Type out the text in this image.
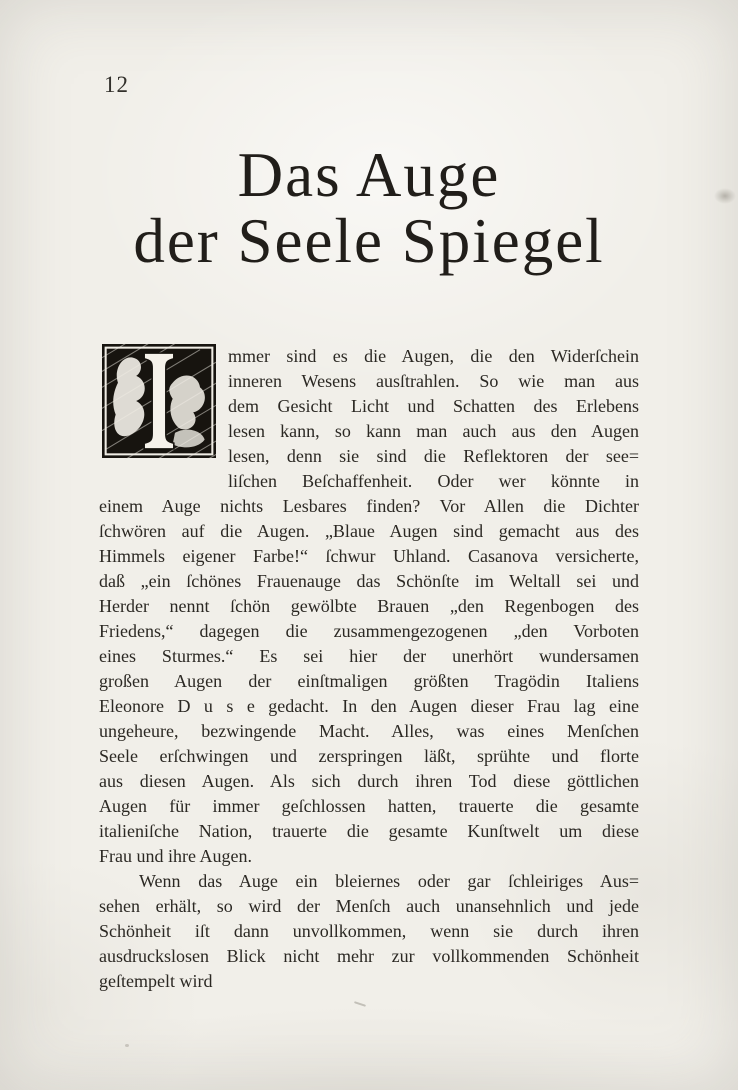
12
Das Auge
der Seele Spiegel
mmer sind es die Augen, die den Widerſchein
inneren Wesens ausſtrahlen. So wie man aus
dem Gesicht Licht und Schatten des Erlebens
lesen kann, so kann man auch aus den Augen
lesen, denn sie sind die Reflektoren der see=
liſchen Beſchaffenheit. Oder wer könnte in
einem Auge nichts Lesbares finden? Vor Allen die Dichter
ſchwören auf die Augen. „Blaue Augen sind gemacht aus des
Himmels eigener Farbe!“ ſchwur Uhland. Casanova versicherte,
daß „ein ſchönes Frauenauge das Schönſte im Weltall sei und
Herder nennt ſchön gewölbte Brauen „den Regenbogen des
Friedens,“ dagegen die zusammengezogenen „den Vorboten
eines Sturmes.“ Es sei hier der unerhört wundersamen
großen Augen der einſtmaligen größten Tragödin Italiens
Eleonore D u s e gedacht. In den Augen dieser Frau lag eine
ungeheure, bezwingende Macht. Alles, was eines Menſchen
Seele erſchwingen und zerspringen läßt, sprühte und florte
aus diesen Augen. Als sich durch ihren Tod diese göttlichen
Augen für immer geſchlossen hatten, trauerte die gesamte
italieniſche Nation, trauerte die gesamte Kunſtwelt um diese
Frau und ihre Augen.
Wenn das Auge ein bleiernes oder gar ſchleiriges Aus=
sehen erhält, so wird der Menſch auch unansehnlich und jede
Schönheit iſt dann unvollkommen, wenn sie durch ihren
ausdruckslosen Blick nicht mehr zur vollkommenden Schönheit
geſtempelt wird
